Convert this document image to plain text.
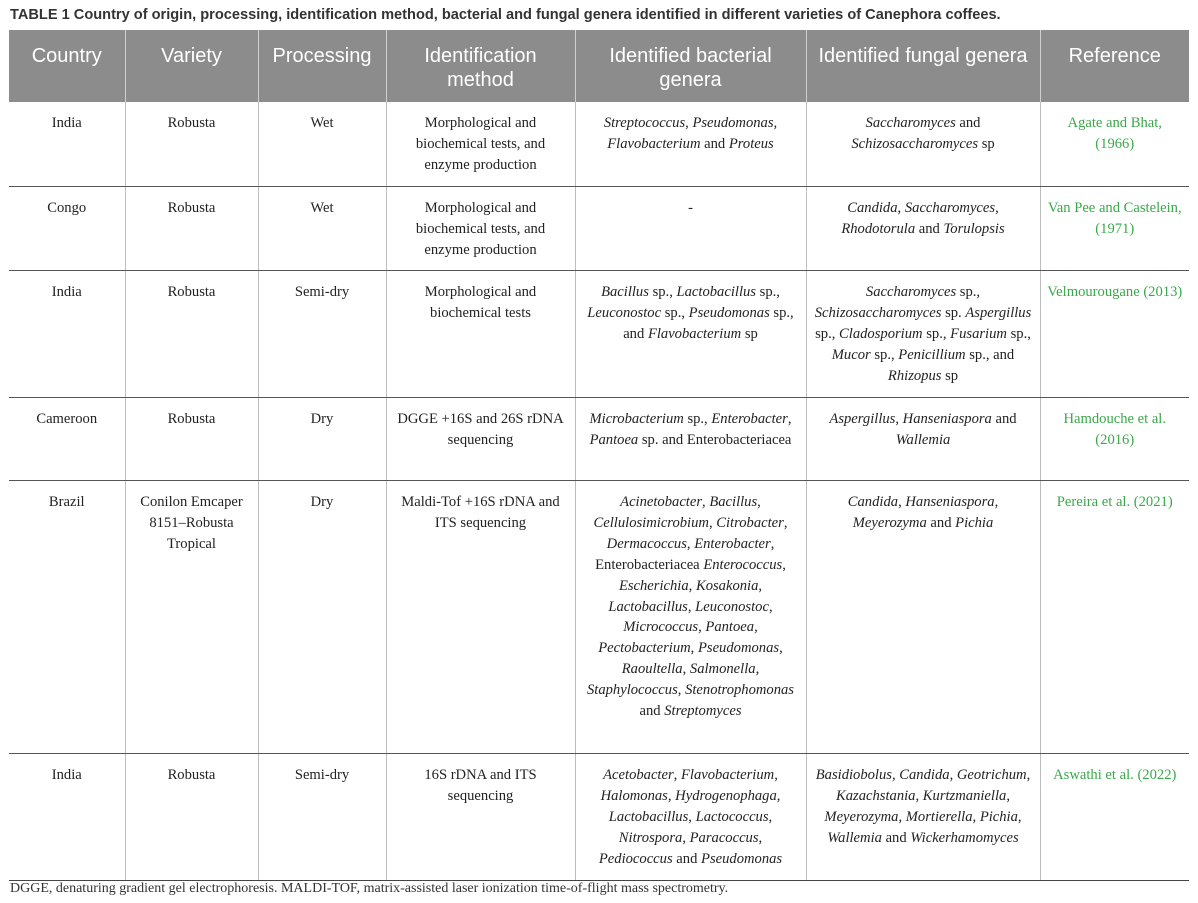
TABLE 1 Country of origin, processing, identification method, bacterial and fungal genera identified in different varieties of Canephora coffees.
Country	Variety	Processing	Identification method	Identified bacterial genera	Identified fungal genera	Reference
India	Robusta	Wet	Morphological and biochemical tests, and enzyme production	Streptococcus, Pseudomonas, Flavobacterium and Proteus	Saccharomyces and Schizosaccharomyces sp	Agate and Bhat, (1966)
Congo	Robusta	Wet	Morphological and biochemical tests, and enzyme production	-	Candida, Saccharomyces, Rhodotorula and Torulopsis	Van Pee and Castelein, (1971)
India	Robusta	Semi-dry	Morphological and biochemical tests	Bacillus sp., Lactobacillus sp., Leuconostoc sp., Pseudomonas sp., and Flavobacterium sp	Saccharomyces sp., Schizosaccharomyces sp. Aspergillus sp., Cladosporium sp., Fusarium sp., Mucor sp., Penicillium sp., and Rhizopus sp	Velmourougane (2013)
Cameroon	Robusta	Dry	DGGE +16S and 26S rDNA sequencing	Microbacterium sp., Enterobacter, Pantoea sp. and Enterobacteriacea	Aspergillus, Hanseniaspora and Wallemia	Hamdouche et al. (2016)
Brazil	Conilon Emcaper 8151–Robusta Tropical	Dry	Maldi-Tof +16S rDNA and ITS sequencing	Acinetobacter, Bacillus, Cellulosimicrobium, Citrobacter, Dermacoccus, Enterobacter, Enterobacteriacea Enterococcus, Escherichia, Kosakonia, Lactobacillus, Leuconostoc, Micrococcus, Pantoea, Pectobacterium, Pseudomonas, Raoultella, Salmonella, Staphylococcus, Stenotrophomonas and Streptomyces	Candida, Hanseniaspora, Meyerozyma and Pichia	Pereira et al. (2021)
India	Robusta	Semi-dry	16S rDNA and ITS sequencing	Acetobacter, Flavobacterium, Halomonas, Hydrogenophaga, Lactobacillus, Lactococcus, Nitrospora, Paracoccus, Pediococcus and Pseudomonas	Basidiobolus, Candida, Geotrichum, Kazachstania, Kurtzmaniella, Meyerozyma, Mortierella, Pichia, Wallemia and Wickerhamomyces	Aswathi et al. (2022)
DGGE, denaturing gradient gel electrophoresis. MALDI-TOF, matrix-assisted laser ionization time-of-flight mass spectrometry.
